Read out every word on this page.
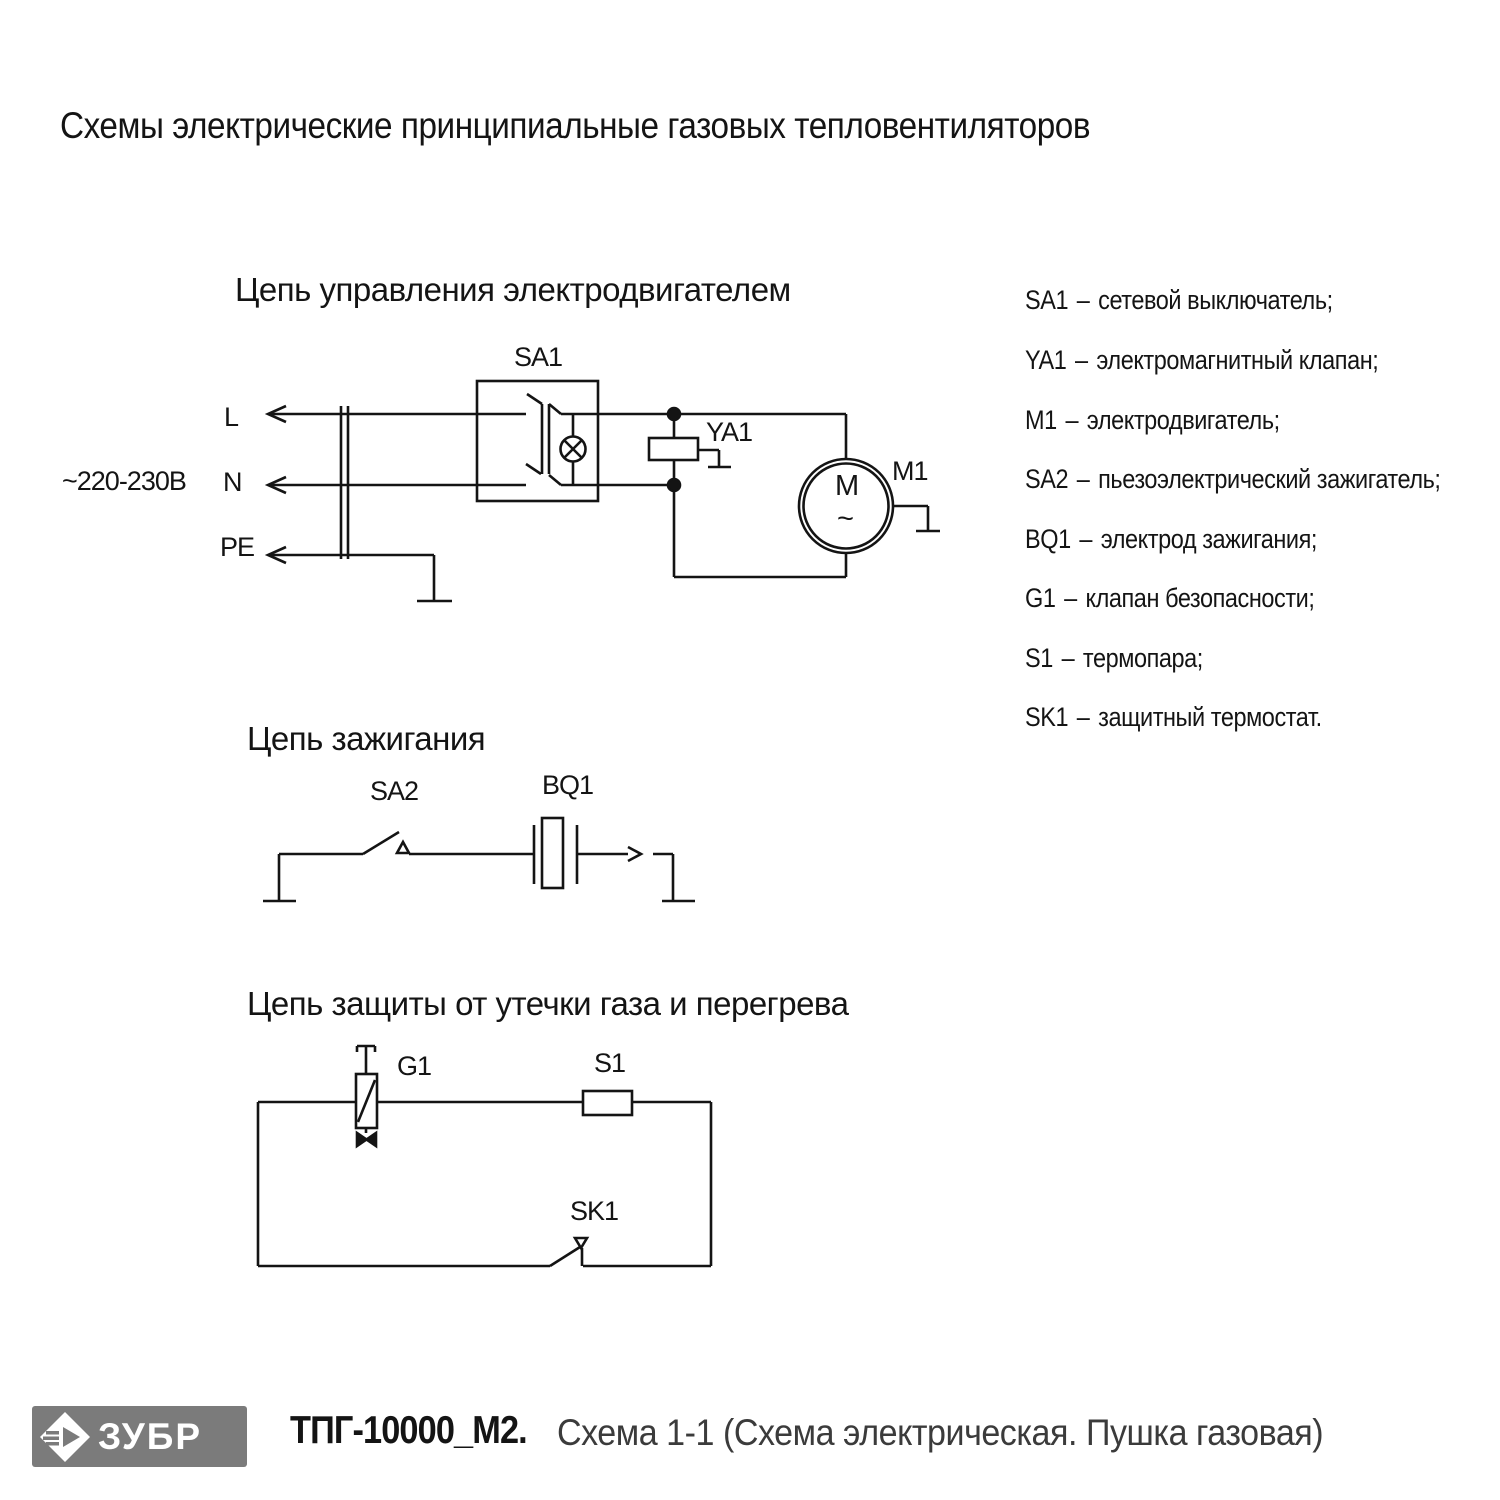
Схемы электрические принципиальные газовых тепловентиляторов
Цепь управления электродвигателем
~220-230В
L
N
PE
SA1
YA1
M1
M
~
SA1 – сетевой выключатель;
YA1 – электромагнитный клапан;
M1 – электродвигатель;
SA2 – пьезоэлектрический зажигатель;
BQ1 – электрод зажигания;
G1 – клапан безопасности;
S1 – термопара;
SK1 – защитный термостат.
Цепь зажигания
SA2	BQ1
Цепь защиты от утечки газа и перегрева
G1	S1
SK1
ЗУБР ТПГ-10000_М2. Схема 1-1 (Схема электрическая. Пушка газовая)
